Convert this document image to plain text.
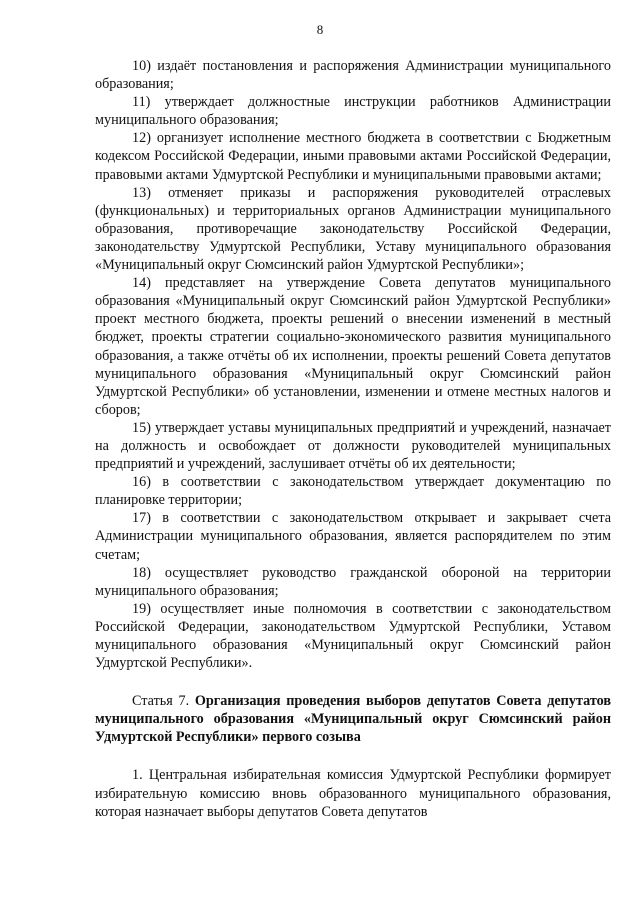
8

10) издаёт постановления и распоряжения Администрации муниципального образования;

11) утверждает должностные инструкции работников Администрации муниципального образования;

12) организует исполнение местного бюджета в соответствии с Бюджетным кодексом Российской Федерации, иными правовыми актами Российской Федерации, правовыми актами Удмуртской Республики и муниципальными правовыми актами;

13) отменяет приказы и распоряжения руководителей отраслевых (функциональных) и территориальных органов Администрации муниципального образования, противоречащие законодательству Российской Федерации, законодательству Удмуртской Республики, Уставу муниципального образования «Муниципальный округ Сюмсинский район Удмуртской Республики»;

14) представляет на утверждение Совета депутатов муниципального образования «Муниципальный округ Сюмсинский район Удмуртской Республики» проект местного бюджета, проекты решений о внесении изменений в местный бюджет, проекты стратегии социально-экономического развития муниципального образования, а также отчёты об их исполнении, проекты решений Совета депутатов муниципального образования «Муниципальный округ Сюмсинский район Удмуртской Республики» об установлении, изменении и отмене местных налогов и сборов;

15) утверждает уставы муниципальных предприятий и учреждений, назначает на должность и освобождает от должности руководителей муниципальных предприятий и учреждений, заслушивает отчёты об их деятельности;

16) в соответствии с законодательством утверждает документацию по планировке территории;

17) в соответствии с законодательством открывает и закрывает счета Администрации муниципального образования, является распорядителем по этим счетам;

18) осуществляет руководство гражданской обороной на территории муниципального образования;

19) осуществляет иные полномочия в соответствии с законодательством Российской Федерации, законодательством Удмуртской Республики, Уставом муниципального образования «Муниципальный округ Сюмсинский район Удмуртской Республики».

Статья 7. Организация проведения выборов депутатов Совета депутатов муниципального образования «Муниципальный округ Сюмсинский район Удмуртской Республики» первого созыва

1. Центральная избирательная комиссия Удмуртской Республики формирует избирательную комиссию вновь образованного муниципального образования, которая назначает выборы депутатов Совета депутатов
